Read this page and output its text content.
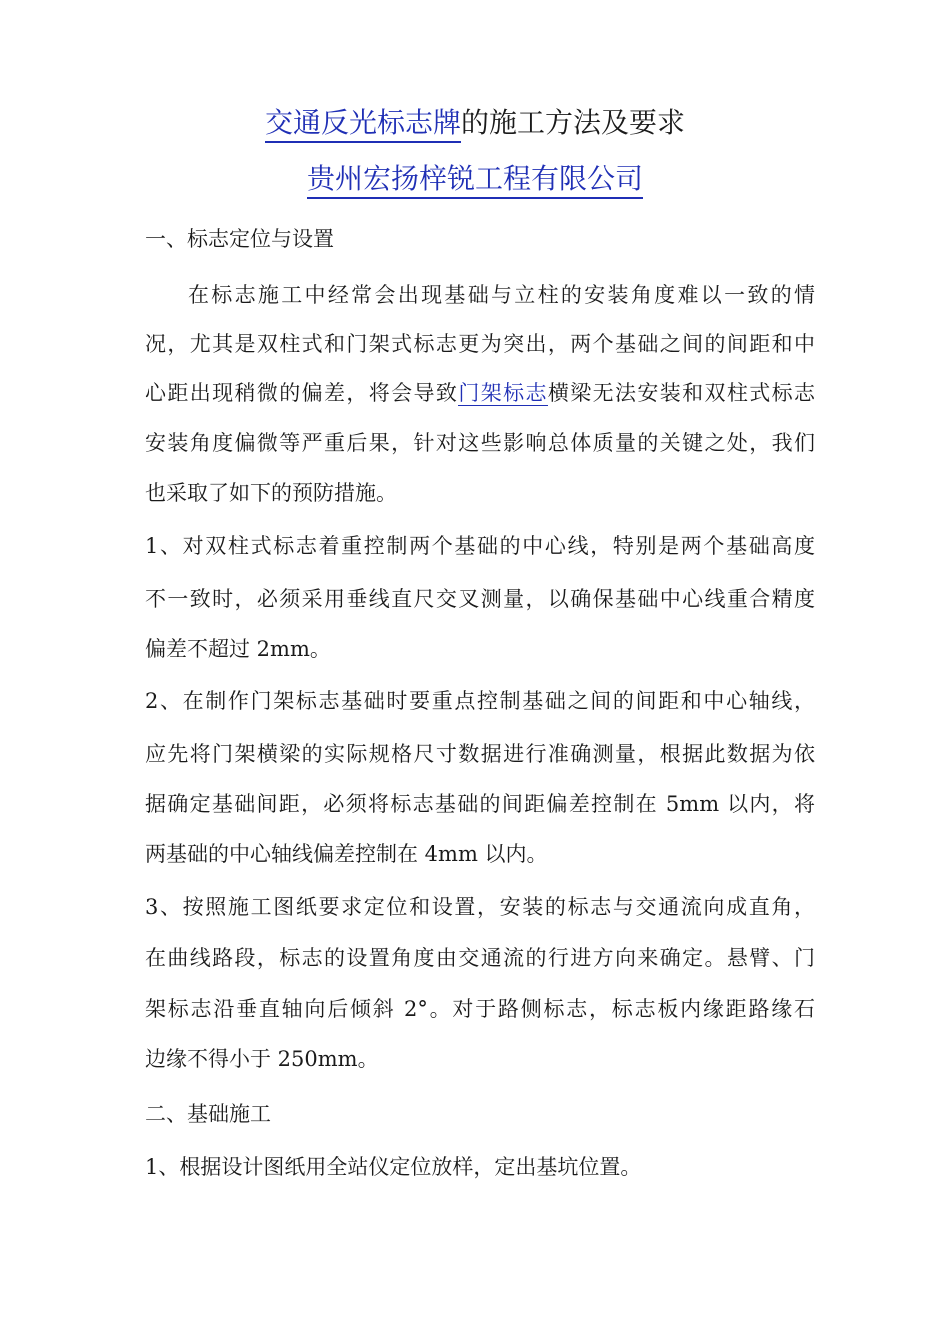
交通反光标志牌的施工方法及要求
贵州宏扬梓锐工程有限公司
一、标志定位与设置
在标志施工中经常会出现基础与立柱的安装角度难以一致的情
况，尤其是双柱式和门架式标志更为突出，两个基础之间的间距和中
心距出现稍微的偏差，将会导致门架标志横梁无法安装和双柱式标志
安装角度偏微等严重后果，针对这些影响总体质量的关键之处，我们
也采取了如下的预防措施。
1、对双柱式标志着重控制两个基础的中心线，特别是两个基础高度
不一致时，必须采用垂线直尺交叉测量，以确保基础中心线重合精度
偏差不超过 2mm。
2、在制作门架标志基础时要重点控制基础之间的间距和中心轴线，
应先将门架横梁的实际规格尺寸数据进行准确测量，根据此数据为依
据确定基础间距，必须将标志基础的间距偏差控制在 5mm 以内，将
两基础的中心轴线偏差控制在 4mm 以内。
3、按照施工图纸要求定位和设置，安装的标志与交通流向成直角，
在曲线路段，标志的设置角度由交通流的行进方向来确定。悬臂、门
架标志沿垂直轴向后倾斜 2°。对于路侧标志，标志板内缘距路缘石
边缘不得小于 250mm。
二、基础施工
1、根据设计图纸用全站仪定位放样，定出基坑位置。
